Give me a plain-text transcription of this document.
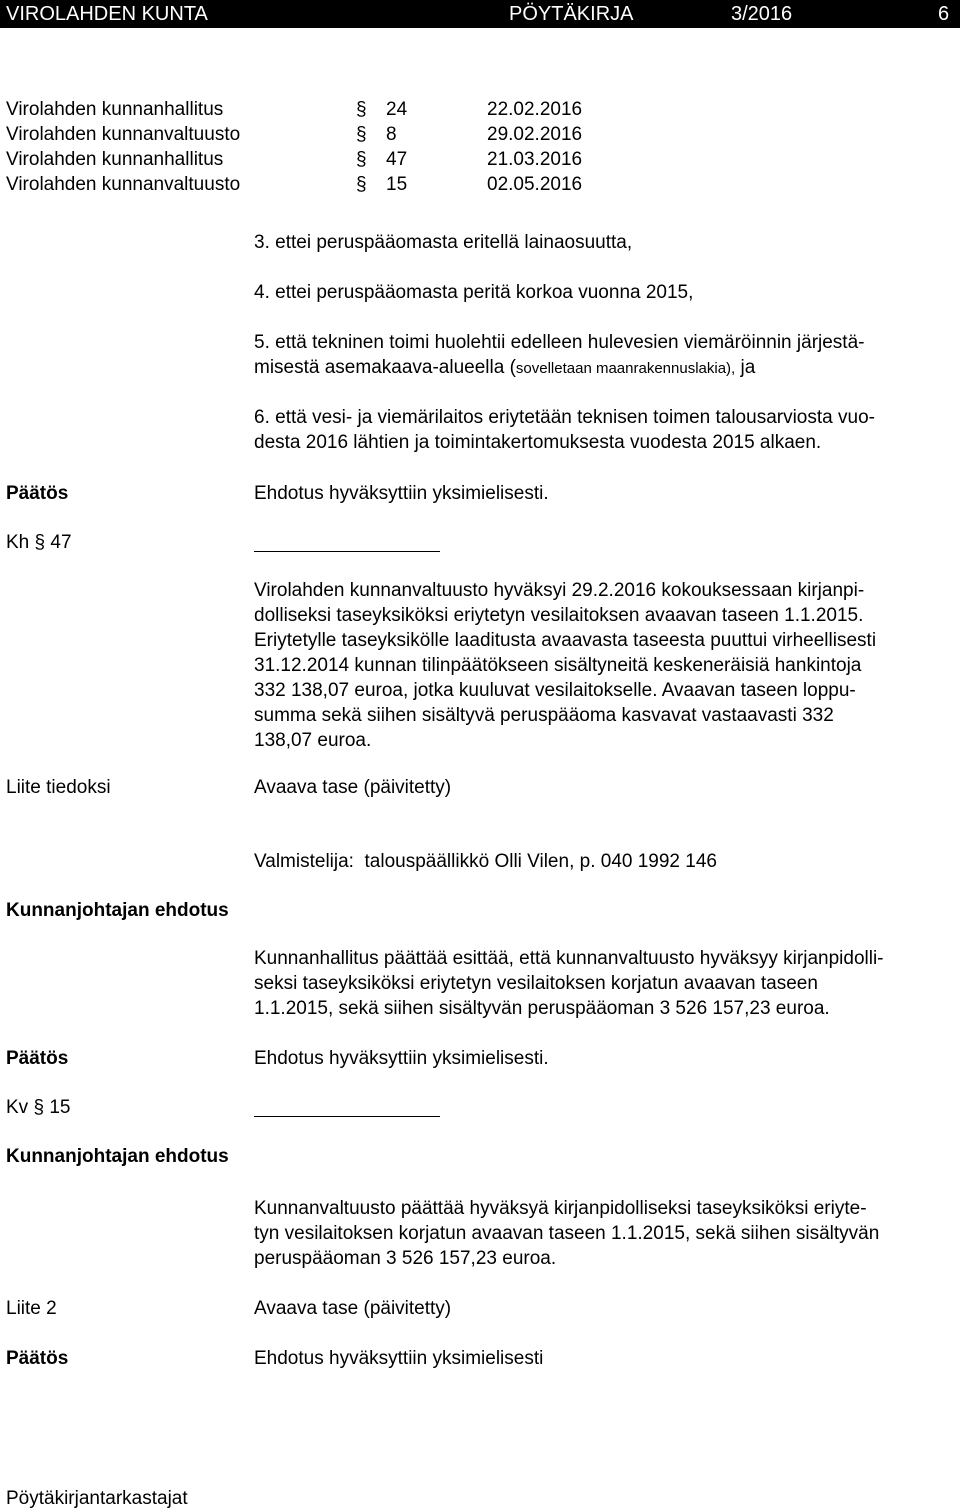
VIROLAHDEN KUNTA	PÖYTÄKIRJA	3/2016	6
Virolahden kunnanhallitus	§ 24	22.02.2016
Virolahden kunnanvaltuusto	§ 8	29.02.2016
Virolahden kunnanhallitus	§ 47	21.03.2016
Virolahden kunnanvaltuusto	§ 15	02.05.2016
3. ettei peruspääomasta eritellä lainaosuutta,
4. ettei peruspääomasta peritä korkoa vuonna 2015,
5. että tekninen toimi huolehtii edelleen hulevesien viemäröinnin järjestä-
misestä asemakaava-alueella (sovelletaan maanrakennuslakia), ja
6. että vesi- ja viemärilaitos eriytetään teknisen toimen talousarviosta vuo-
desta 2016 lähtien ja toimintakertomuksesta vuodesta 2015 alkaen.
Päätös	Ehdotus hyväksyttiin yksimielisesti.
Kh § 47
Virolahden kunnanvaltuusto hyväksyi 29.2.2016 kokouksessaan kirjanpi-
dolliseksi taseyksiköksi eriytetyn vesilaitoksen avaavan taseen 1.1.2015.
Eriytetylle taseyksikölle laaditusta avaavasta taseesta puuttui virheellisesti
31.12.2014 kunnan tilinpäätökseen sisältyneitä keskeneräisiä hankintoja
332 138,07 euroa, jotka kuuluvat vesilaitokselle. Avaavan taseen loppu-
summa sekä siihen sisältyvä peruspääoma kasvavat vastaavasti 332
138,07 euroa.
Liite tiedoksi	Avaava tase (päivitetty)
Valmistelija: talouspäällikkö Olli Vilen, p. 040 1992 146
Kunnanjohtajan ehdotus
Kunnanhallitus päättää esittää, että kunnanvaltuusto hyväksyy kirjanpidolli-
seksi taseyksiköksi eriytetyn vesilaitoksen korjatun avaavan taseen
1.1.2015, sekä siihen sisältyvän peruspääoman 3 526 157,23 euroa.
Päätös	Ehdotus hyväksyttiin yksimielisesti.
Kv § 15
Kunnanjohtajan ehdotus
Kunnanvaltuusto päättää hyväksyä kirjanpidolliseksi taseyksiköksi eriyte-
tyn vesilaitoksen korjatun avaavan taseen 1.1.2015, sekä siihen sisältyvän
peruspääoman 3 526 157,23 euroa.
Liite 2	Avaava tase (päivitetty)
Päätös	Ehdotus hyväksyttiin yksimielisesti
Pöytäkirjantarkastajat
